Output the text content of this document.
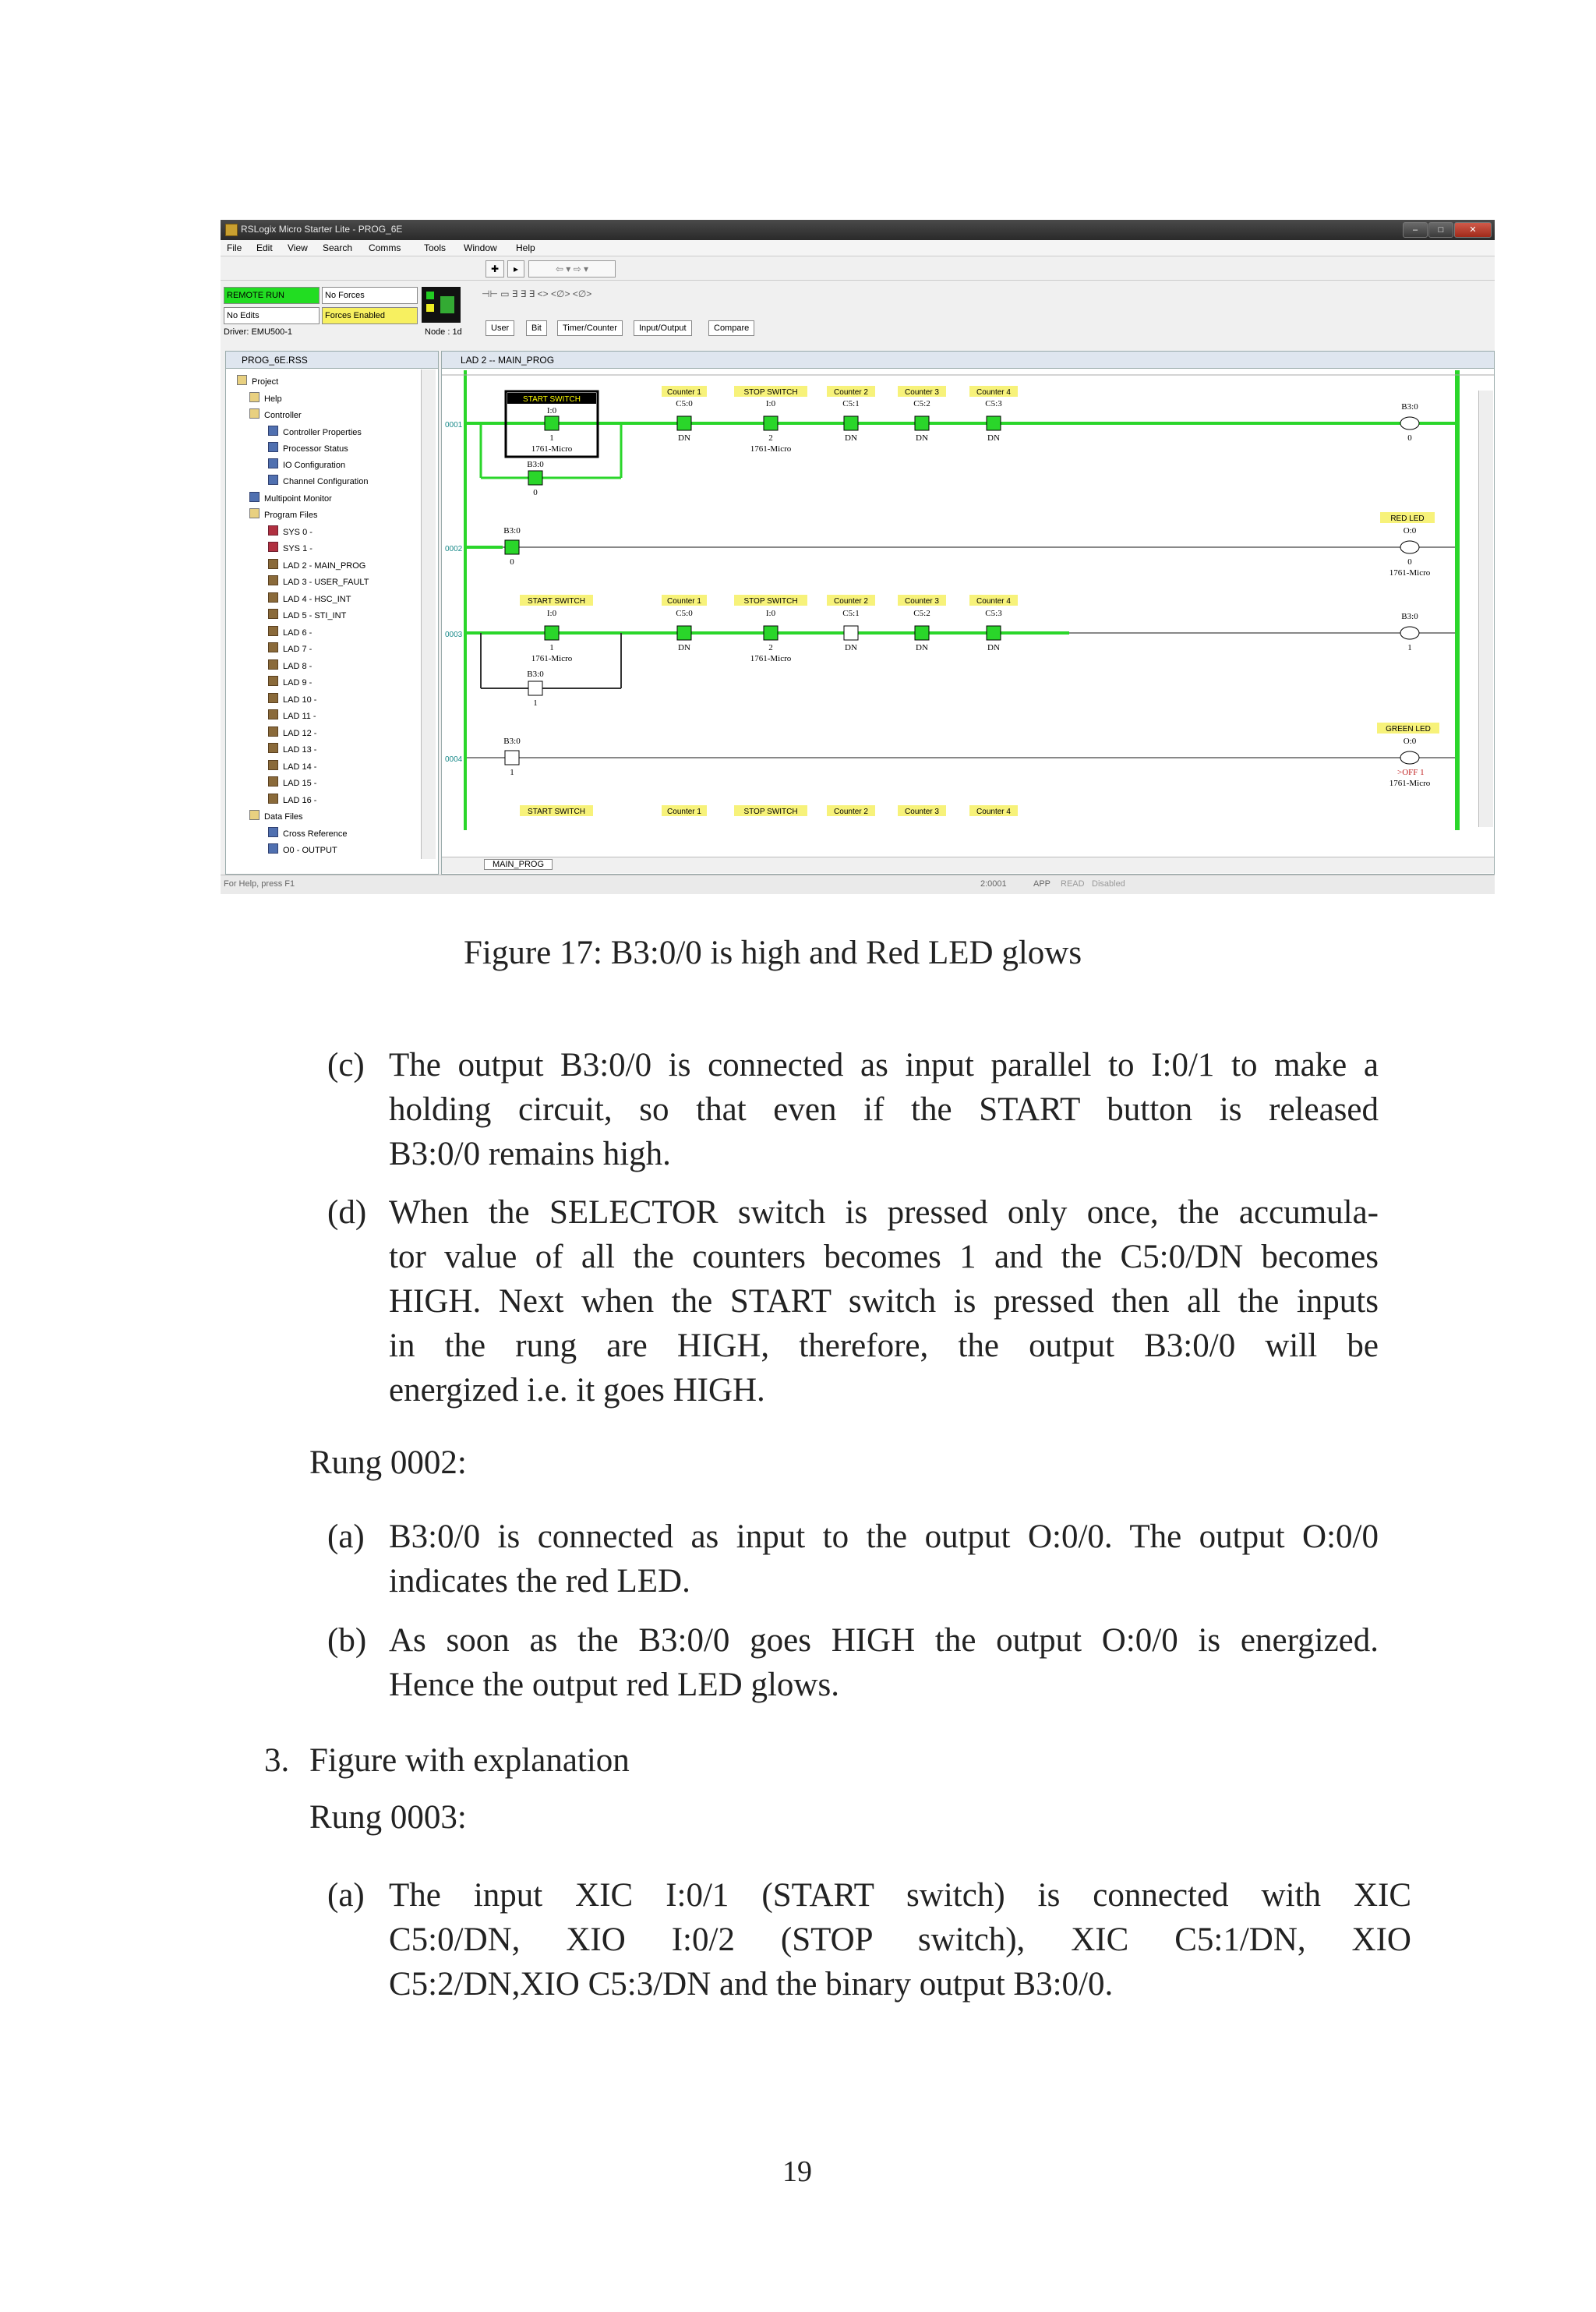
RSLogix Micro Starter Lite - PROG_6E	–	□	✕
File Edit View Search Comms Tools Window Help
✚	▸	⇦ ▾ ⇨ ▾
REMOTE RUN	No Forces
No Edits	Forces Enabled
Driver: EMU500-1	Node : 1d
⊣⊢ ▭ ∃ ∃ ∃ <> <∅> <∅>
User	Bit	Timer/Counter	Input/Output	Compare
PROG_6E.RSS
Project
Help
Controller
Controller Properties
Processor Status
IO Configuration
Channel Configuration
Multipoint Monitor
Program Files
SYS 0 -
SYS 1 -
LAD 2 - MAIN_PROG
LAD 3 - USER_FAULT
LAD 4 - HSC_INT
LAD 5 - STI_INT
LAD 6 -
LAD 7 -
LAD 8 -
LAD 9 -
LAD 10 -
LAD 11 -
LAD 12 -
LAD 13 -
LAD 14 -
LAD 15 -
LAD 16 -
Data Files
Cross Reference
O0 - OUTPUT
LAD 2 -- MAIN_PROG
0001
START SWITCH
I:0
1
1761-Micro
B3:0
0
Counter 1
C5:0
DN
STOP SWITCH
I:0
2
1761-Micro
Counter 2
C5:1
DN
Counter 3
C5:2
DN
Counter 4
C5:3
DN
B3:0
0
0002
B3:0
0
RED LED
O:0
0
1761-Micro
0003
START SWITCH
I:0
1
1761-Micro
B3:0
1
Counter 1
C5:0
DN
STOP SWITCH
I:0
2
1761-Micro
Counter 2
C5:1
DN
Counter 3
C5:2
DN
Counter 4
C5:3
DN
B3:0
1
0004
B3:0
1
GREEN LED
O:0
>OFF 1
1761-Micro
START SWITCH	Counter 1	STOP SWITCH	Counter 2	Counter 3	Counter 4
MAIN_PROG
For Help, press F1	2:0001	APP READ Disabled
Figure 17: B3:0/0 is high and Red LED glows
(c) The output B3:0/0 is connected as input parallel to I:0/1 to make a
holding circuit, so that even if the START button is released
B3:0/0 remains high.
(d) When the SELECTOR switch is pressed only once, the accumula-
tor value of all the counters becomes 1 and the C5:0/DN becomes
HIGH. Next when the START switch is pressed then all the inputs
in the rung are HIGH, therefore, the output B3:0/0 will be
energized i.e. it goes HIGH.
Rung 0002:
(a) B3:0/0 is connected as input to the output O:0/0. The output O:0/0
indicates the red LED.
(b) As soon as the B3:0/0 goes HIGH the output O:0/0 is energized.
Hence the output red LED glows.
3. Figure with explanation
Rung 0003:
(a) The input XIC I:0/1 (START switch) is connected with XIC
C5:0/DN, XIO I:0/2 (STOP switch), XIC C5:1/DN, XIO
C5:2/DN,XIO C5:3/DN and the binary output B3:0/0.
19
